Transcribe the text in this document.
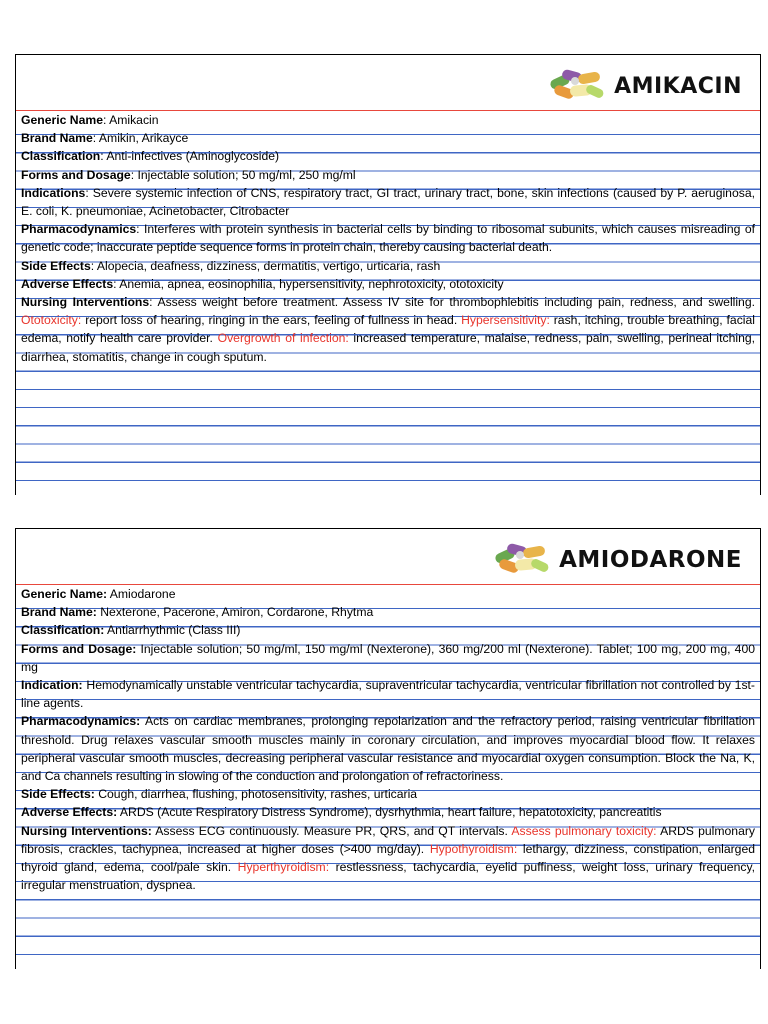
AMIKACIN

Generic Name: Amikacin

Brand Name: Amikin, Arikayce

Classification: Anti-infectives (Aminoglycoside)

Forms and Dosage: Injectable solution; 50 mg/ml, 250 mg/ml

Indications: Severe systemic infection of CNS, respiratory tract, GI tract, urinary tract, bone, skin infections (caused by P. aeruginosa, E. coli, K. pneumoniae, Acinetobacter, Citrobacter

Pharmacodynamics: Interferes with protein synthesis in bacterial cells by binding to ribosomal subunits, which causes misreading of genetic code; inaccurate peptide sequence forms in protein chain, thereby causing bacterial death.

Side Effects: Alopecia, deafness, dizziness, dermatitis, vertigo, urticaria, rash

Adverse Effects: Anemia, apnea, eosinophilia, hypersensitivity, nephrotoxicity, ototoxicity

Nursing Interventions: Assess weight before treatment. Assess IV site for thrombophlebitis including pain, redness, and swelling. Ototoxicity: report loss of hearing, ringing in the ears, feeling of fullness in head. Hypersensitivity: rash, itching, trouble breathing, facial edema, notify health care provider. Overgrowth of infection: increased temperature, malaise, redness, pain, swelling, perineal itching, diarrhea, stomatitis, change in cough sputum.

AMIODARONE

Generic Name: Amiodarone

Brand Name: Nexterone, Pacerone, Amiron, Cordarone, Rhytma

Classification: Antiarrhythmic (Class III)

Forms and Dosage: Injectable solution; 50 mg/ml, 150 mg/ml (Nexterone), 360 mg/200 ml (Nexterone). Tablet; 100 mg, 200 mg, 400 mg

Indication: Hemodynamically unstable ventricular tachycardia, supraventricular tachycardia, ventricular fibrillation not controlled by 1st-line agents.

Pharmacodynamics: Acts on cardiac membranes, prolonging repolarization and the refractory period, raising ventricular fibrillation threshold. Drug relaxes vascular smooth muscles mainly in coronary circulation, and improves myocardial blood flow. It relaxes peripheral vascular smooth muscles, decreasing peripheral vascular resistance and myocardial oxygen consumption. Block the Na, K, and Ca channels resulting in slowing of the conduction and prolongation of refractoriness.

Side Effects: Cough, diarrhea, flushing, photosensitivity, rashes, urticaria

Adverse Effects: ARDS (Acute Respiratory Distress Syndrome), dysrhythmia, heart failure, hepatotoxicity, pancreatitis

Nursing Interventions: Assess ECG continuously. Measure PR, QRS, and QT intervals. Assess pulmonary toxicity: ARDS pulmonary fibrosis, crackles, tachypnea, increased at higher doses (>400 mg/day). Hypothyroidism: lethargy, dizziness, constipation, enlarged thyroid gland, edema, cool/pale skin. Hyperthyroidism: restlessness, tachycardia, eyelid puffiness, weight loss, urinary frequency, irregular menstruation, dyspnea.
